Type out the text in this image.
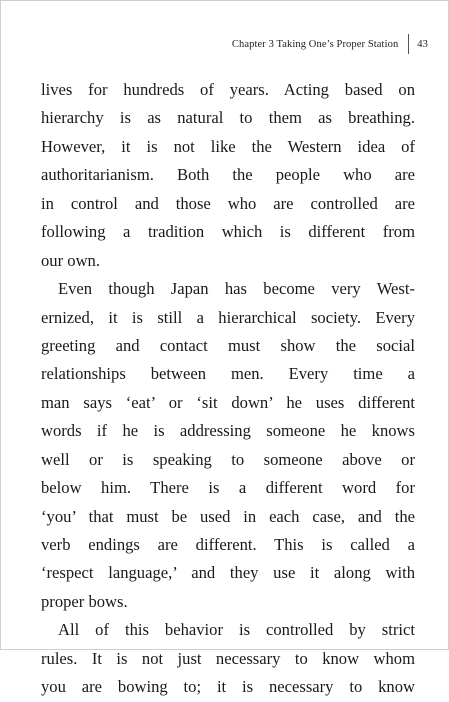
Chapter 3 Taking One’s Proper Station 43

lives for hundreds of years. Acting based on
hierarchy is as natural to them as breathing.
However, it is not like the Western idea of
authoritarianism. Both the people who are
in control and those who are controlled are
following a tradition which is different from
our own.

Even though Japan has become very West-
ernized, it is still a hierarchical society. Every
greeting and contact must show the social
relationships between men. Every time a
man says ‘eat’ or ‘sit down’ he uses different
words if he is addressing someone he knows
well or is speaking to someone above or
below him. There is a different word for
‘you’ that must be used in each case, and the
verb endings are different. This is called a
‘respect language,’ and they use it along with
proper bows.

All of this behavior is controlled by strict
rules. It is not just necessary to know whom
you are bowing to; it is necessary to know
